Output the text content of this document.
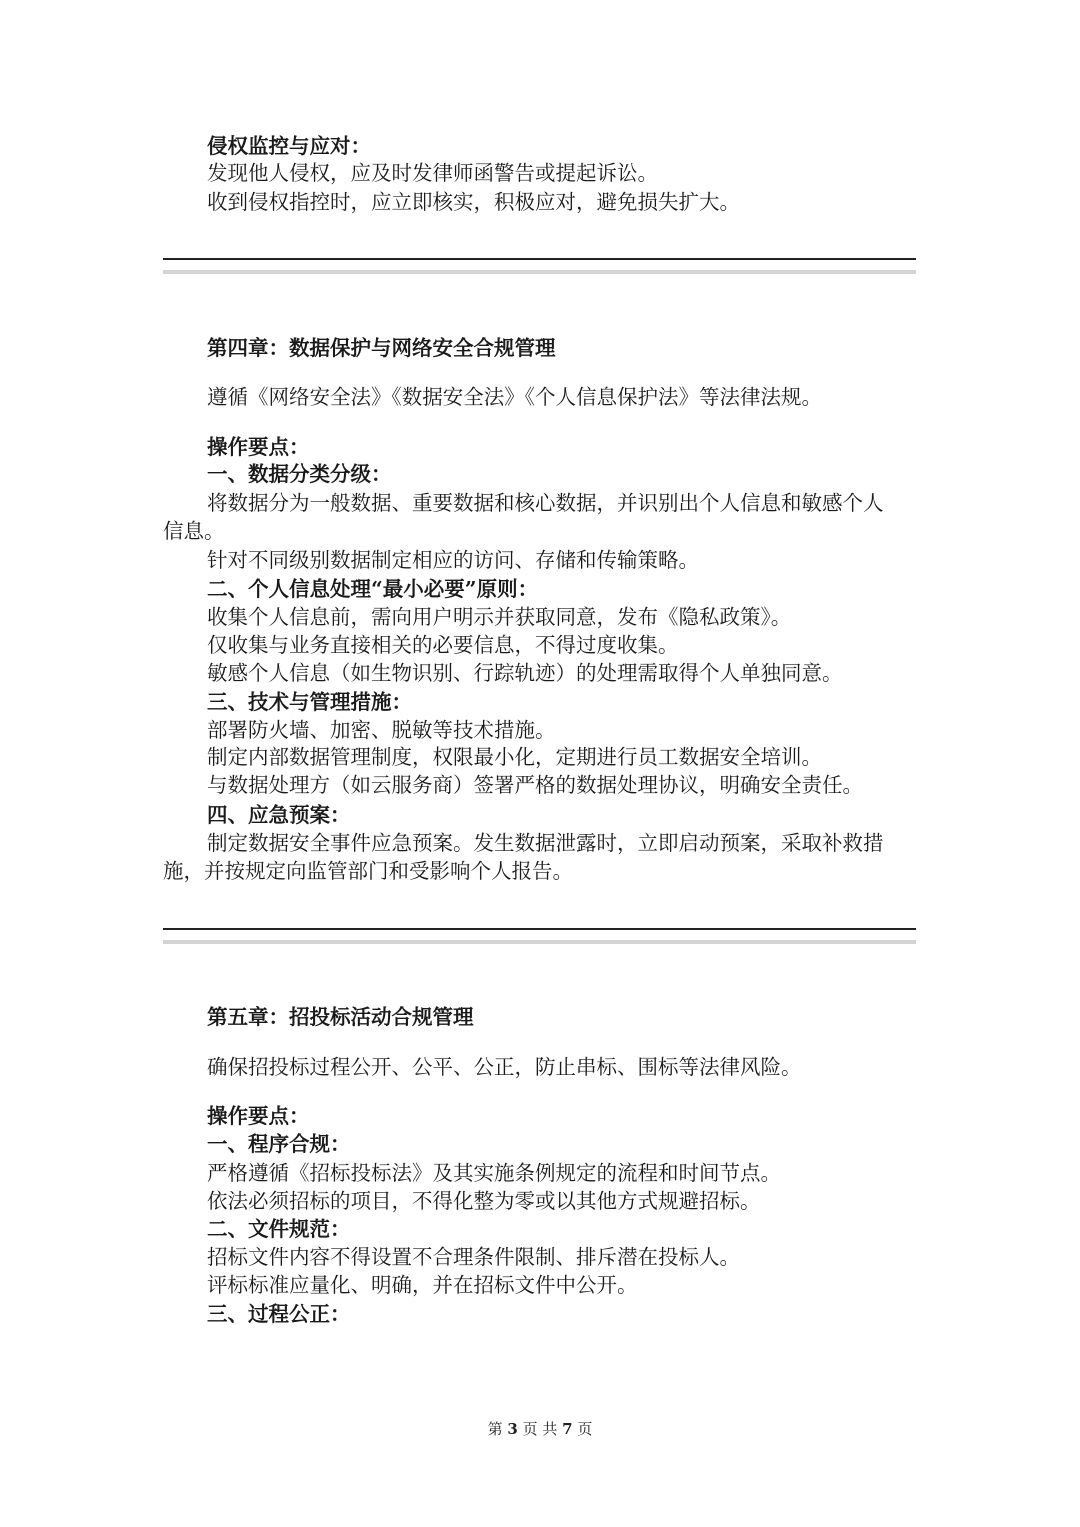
侵权监控与应对：
发现他人侵权，应及时发律师函警告或提起诉讼。
收到侵权指控时，应立即核实，积极应对，避免损失扩大。
第四章：数据保护与网络安全合规管理
遵循《网络安全法》《数据安全法》《个人信息保护法》等法律法规。
操作要点：
一、数据分类分级：
将数据分为一般数据、重要数据和核心数据，并识别出个人信息和敏感个人
信息。
针对不同级别数据制定相应的访问、存储和传输策略。
二、个人信息处理“最小必要”原则：
收集个人信息前，需向用户明示并获取同意，发布《隐私政策》。
仅收集与业务直接相关的必要信息，不得过度收集。
敏感个人信息（如生物识别、行踪轨迹）的处理需取得个人单独同意。
三、技术与管理措施：
部署防火墙、加密、脱敏等技术措施。
制定内部数据管理制度，权限最小化，定期进行员工数据安全培训。
与数据处理方（如云服务商）签署严格的数据处理协议，明确安全责任。
四、应急预案：
制定数据安全事件应急预案。发生数据泄露时，立即启动预案，采取补救措
施，并按规定向监管部门和受影响个人报告。
第五章：招投标活动合规管理
确保招投标过程公开、公平、公正，防止串标、围标等法律风险。
操作要点：
一、程序合规：
严格遵循《招标投标法》及其实施条例规定的流程和时间节点。
依法必须招标的项目，不得化整为零或以其他方式规避招标。
二、文件规范：
招标文件内容不得设置不合理条件限制、排斥潜在投标人。
评标标准应量化、明确，并在招标文件中公开。
三、过程公正：
第 3 页 共 7 页
